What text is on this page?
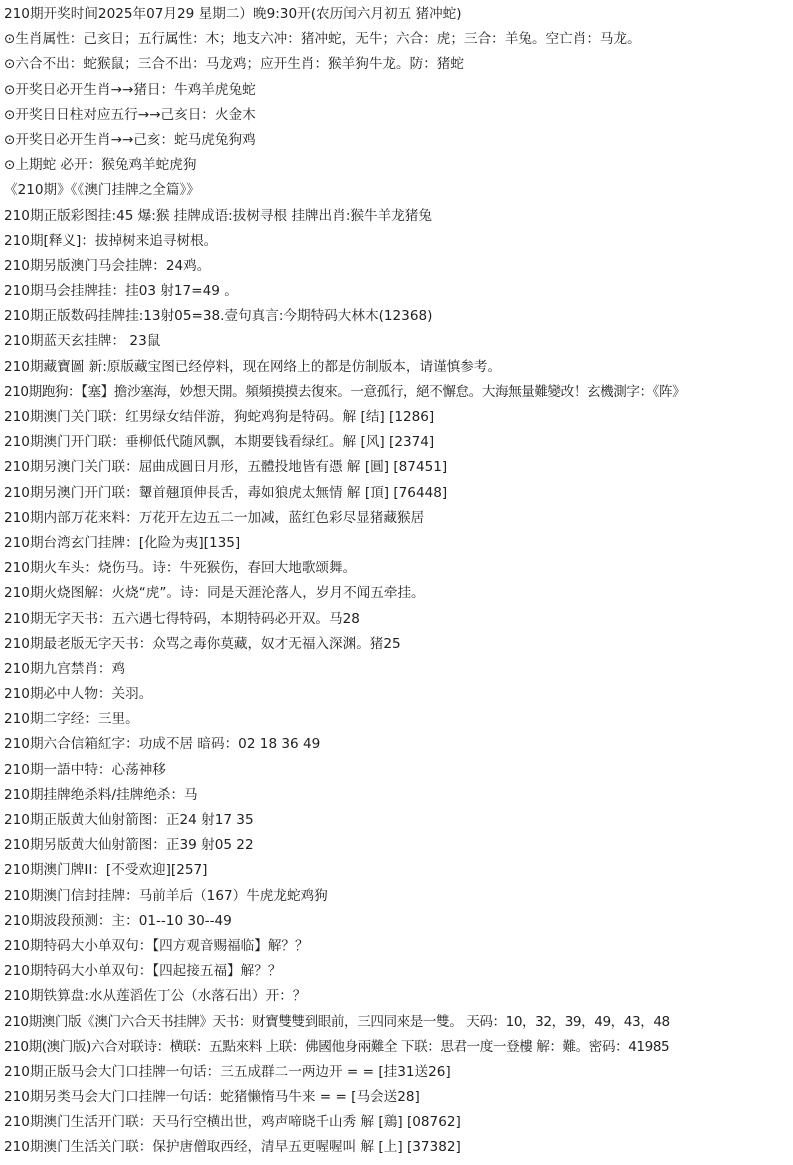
210期开奖时间2025年07月29 星期二）晚9:30开(农历闰六月初五 猪冲蛇)
⊙生肖属性：己亥日；五行属性：木；地支六冲：猪冲蛇，无牛；六合：虎；三合：羊兔。空亡肖：马龙。
⊙六合不出：蛇猴鼠；三合不出：马龙鸡；应开生肖：猴羊狗牛龙。防：猪蛇
⊙开奖日必开生肖→→猪日：牛鸡羊虎兔蛇
⊙开奖日日柱对应五行→→己亥日：火金木
⊙开奖日必开生肖→→己亥：蛇马虎兔狗鸡
⊙上期蛇 必开：猴兔鸡羊蛇虎狗
《210期》《《澳门挂牌之全篇》》
210期正版彩图挂:45 爆:猴 挂牌成语:拔树寻根 挂牌出肖:猴牛羊龙猪兔
210期[释义]：拔掉树来追寻树根。
210期另版澳门马会挂牌：24鸡。
210期马会挂牌挂：挂03 射17=49 。
210期正版数码挂牌挂:13射05=38.壹句真言:今期特码大林木(12368)
210期蓝天玄挂牌： 23鼠
210期藏寶圖 新:原版藏宝图已经停料，现在网络上的都是仿制版本，请谨慎参考。
210期跑狗：【塞】擔沙塞海，妙想天開。頻頻摸摸去復來。一意孤行，絕不懈怠。大海無量難變改！玄機測字：《阵》
210期澳门关门联：红男绿女结伴游，狗蛇鸡狗是特码。解 [结] [1286]
210期澳门开门联：垂柳低代随风飘，本期要钱看绿红。解 [风] [2374]
210期另澳门关门联：屈曲成圓日月形，五體投地皆有憑 解 [圓] [87451]
210期另澳门开门联：顰首翹頂伸長舌，毒如狼虎太無情 解 [頂] [76448]
210期内部万花来料：万花开左边五二一加减，蓝红色彩尽显猪藏猴居
210期台湾玄门挂牌：[化险为夷][135]
210期火车头：烧伤马。诗：牛死猴伤，春回大地歌颂舞。
210期火烧图解：火烧“虎”。诗：同是天涯沦落人，岁月不闻五牵挂。
210期无字天书：五六遇七得特码，本期特码必开双。马28
210期最老版无字天书：众骂之毒你莫藏，奴才无福入深渊。猪25
210期九宫禁肖：鸡
210期必中人物：关羽。
210期二字经：三里。
210期六合信箱紅字：功成不居 暗码：02 18 36 49
210期一語中特：心荡神移
210期挂牌绝杀料/挂牌绝杀：马
210期正版黄大仙射箭图：正24 射17 35
210期另版黄大仙射箭图：正39 射05 22
210期澳门牌II：[不受欢迎][257]
210期澳门信封挂牌：马前羊后（167）牛虎龙蛇鸡狗
210期波段预测：主：01--10 30--49
210期特码大小单双句：【四方观音赐福临】解？？
210期特码大小单双句：【四起接五福】解？？
210期铁算盘:水从莲滔佐丁公（水落石出）开：？
210期澳门版《澳门六合天书挂牌》天书：财寶雙雙到眼前，三四同來是一雙。 天码：10，32，39，49，43，48
210期(澳门版)六合对联诗：横联：五點來料 上联：佛國他身兩難全 下联：思君一度一登樓 解：難。密码：41985
210期正版马会大门口挂牌一句话：三五成群二一两边开 = = [挂31送26]
210期另类马会大门口挂牌一句话：蛇猪懒惰马牛来 = = [马会送28]
210期澳门生活开门联：天马行空横出世，鸡声啼晓千山秀 解 [鶏] [08762]
210期澳门生活关门联：保护唐僧取西经，清早五更喔喔叫 解 [上] [37382]
